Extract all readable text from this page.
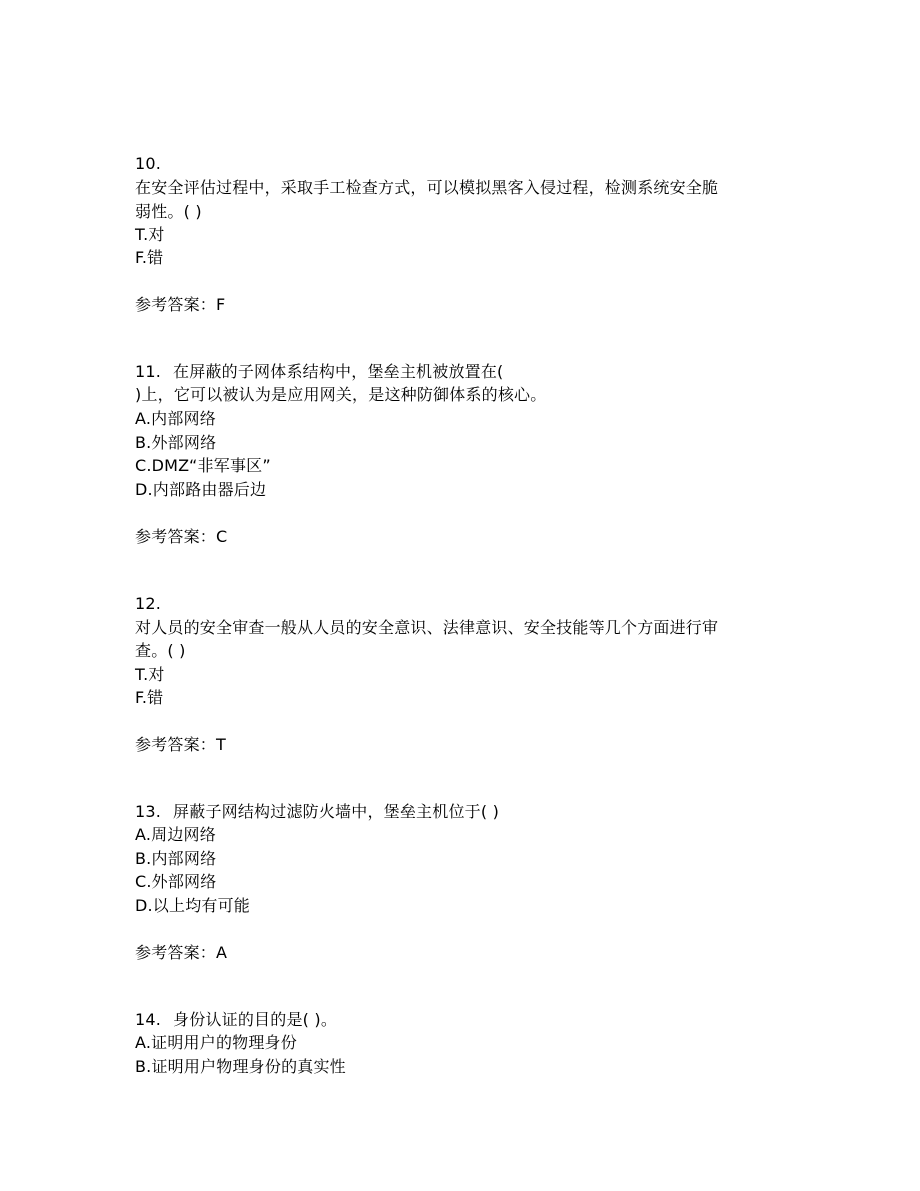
10.
在安全评估过程中，采取手工检查方式，可以模拟黑客入侵过程，检测系统安全脆
弱性。( )
T.对
F.错
参考答案：F
11. 在屏蔽的子网体系结构中，堡垒主机被放置在(
)上，它可以被认为是应用网关，是这种防御体系的核心。
A.内部网络
B.外部网络
C.DMZ“非军事区”
D.内部路由器后边
参考答案：C
12.
对人员的安全审查一般从人员的安全意识、法律意识、安全技能等几个方面进行审
查。( )
T.对
F.错
参考答案：T
13. 屏蔽子网结构过滤防火墙中，堡垒主机位于( )
A.周边网络
B.内部网络
C.外部网络
D.以上均有可能
参考答案：A
14. 身份认证的目的是( )。
A.证明用户的物理身份
B.证明用户物理身份的真实性
